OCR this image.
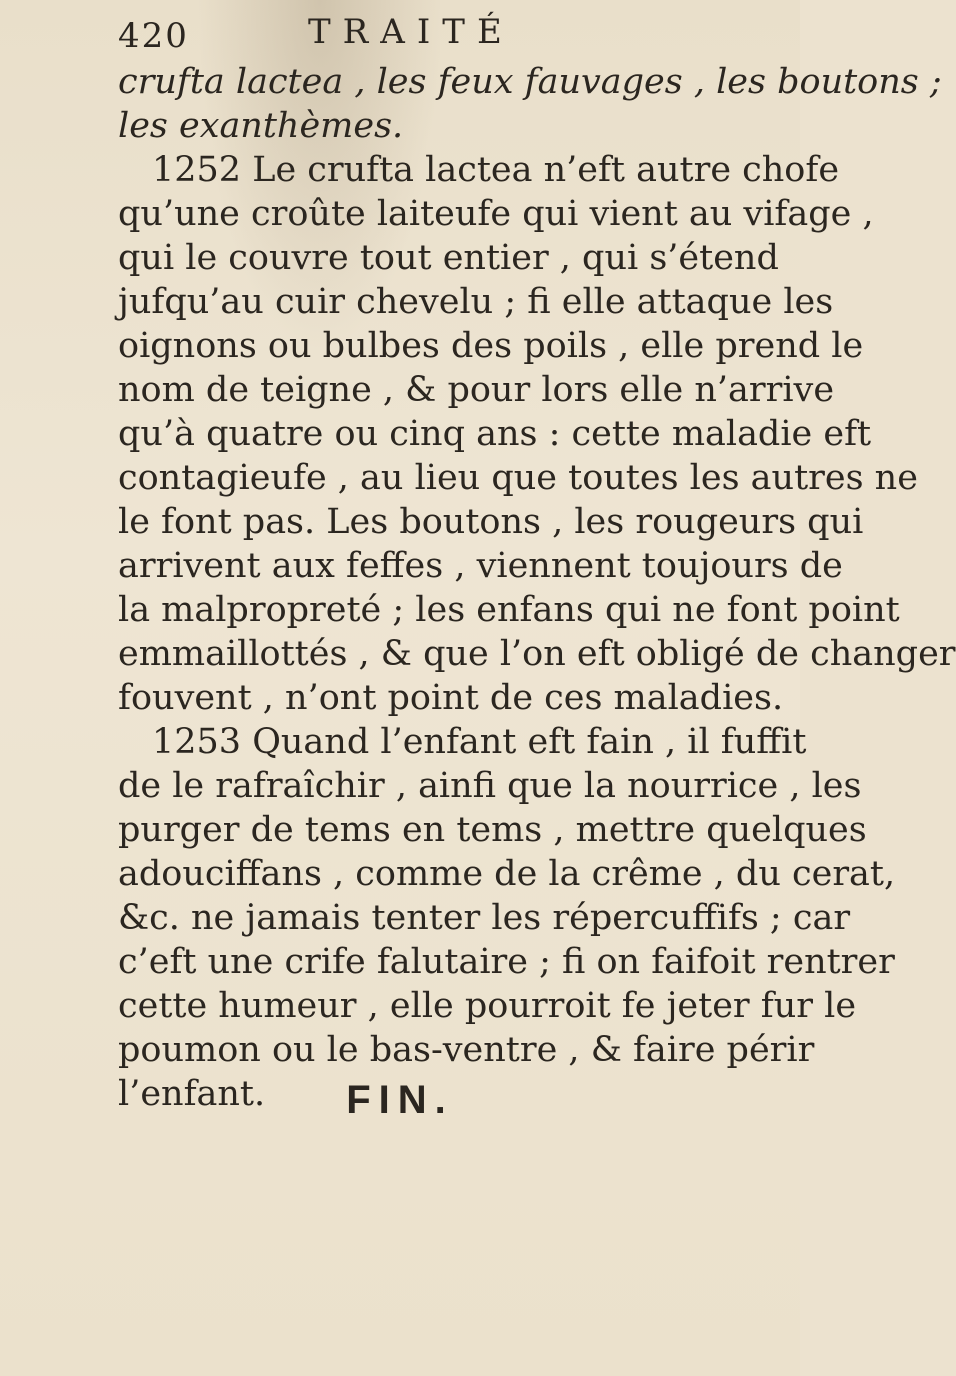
420	TRAITÉ
crufta lactea , les feux fauvages , les boutons ;
les exanthèmes.
1252 Le crufta lactea n’eft autre chofe
qu’une croûte laiteufe qui vient au vifage ,
qui le couvre tout entier , qui s’étend
jufqu’au cuir chevelu ; fi elle attaque les
oignons ou bulbes des poils , elle prend le
nom de teigne , & pour lors elle n’arrive
qu’à quatre ou cinq ans : cette maladie eft
contagieufe , au lieu que toutes les autres ne
le font pas. Les boutons , les rougeurs qui
arrivent aux feffes , viennent toujours de
la malpropreté ; les enfans qui ne font point
emmaillottés , & que l’on eft obligé de changer
fouvent , n’ont point de ces maladies.
1253 Quand l’enfant eft fain , il fuffit
de le rafraîchir , ainfi que la nourrice , les
purger de tems en tems , mettre quelques
adouciffans , comme de la crême , du cerat,
&c. ne jamais tenter les répercuffifs ; car
c’eft une crife falutaire ; fi on faifoit rentrer
cette humeur , elle pourroit fe jeter fur le
poumon ou le bas-ventre , & faire périr
l’enfant.	FIN.
